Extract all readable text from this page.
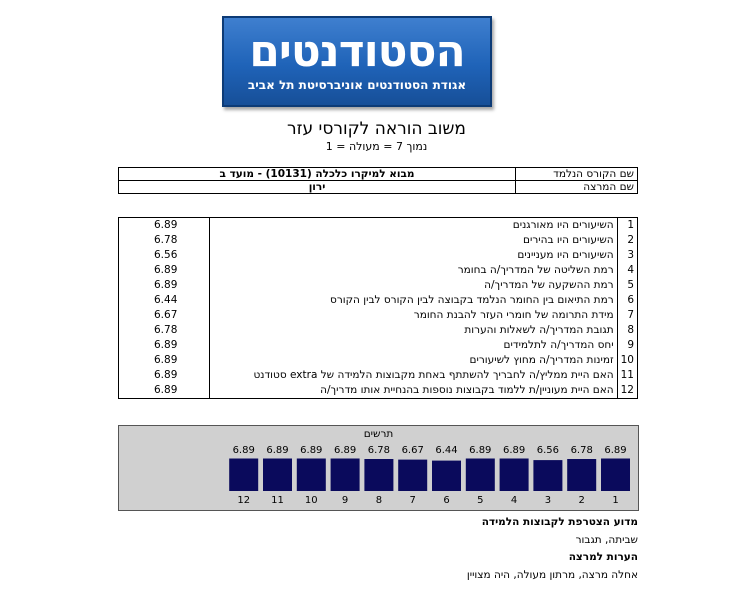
הסטודנטים
אגודת הסטודנטים אוניברסיטת תל אביב
משוב הוראה לקורסי עזר
1 = נמוך 7 = מעולה
שם הקורס הנלמד	מבוא למיקרו כלכלה (10131) - מועד ב
שם המרצה	ירון
1	השיעורים היו מאורגנים	6.89
2	השיעורים היו בהירים	6.78
3	השיעורים היו מעניינים	6.56
4	רמת השליטה של המדריך/ה בחומר	6.89
5	רמת ההשקעה של המדריך/ה	6.89
6	רמת התיאום בין החומר הנלמד בקבוצה לבין הקורס לבין הקורס	6.44
7	מידת התרומה של חומרי העזר להבנת החומר	6.67
8	תגובת המדריך/ה לשאלות והערות	6.78
9	יחס המדריך/ה לתלמידים	6.89
10	זמינות המדריך/ה מחוץ לשיעורים	6.89
11	האם היית ממליץ/ה לחבריך להשתתף באחת מקבוצות הלמידה של extra סטודנט	6.89
12	האם היית מעוניין/ת ללמוד בקבוצות נוספות בהנחיית אותו מדריך/ה	6.89
תרשים
6.89
1
6.78
2
6.56
3
6.89
4
6.89
5
6.44
6
6.67
7
6.78
8
6.89
9
6.89
10
6.89
11
6.89
12
מדוע הצטרפת לקבוצות הלמידה
שביתה, תגבור
הערות למרצה
אחלה מרצה, מרתון מעולה, היה מצויין
